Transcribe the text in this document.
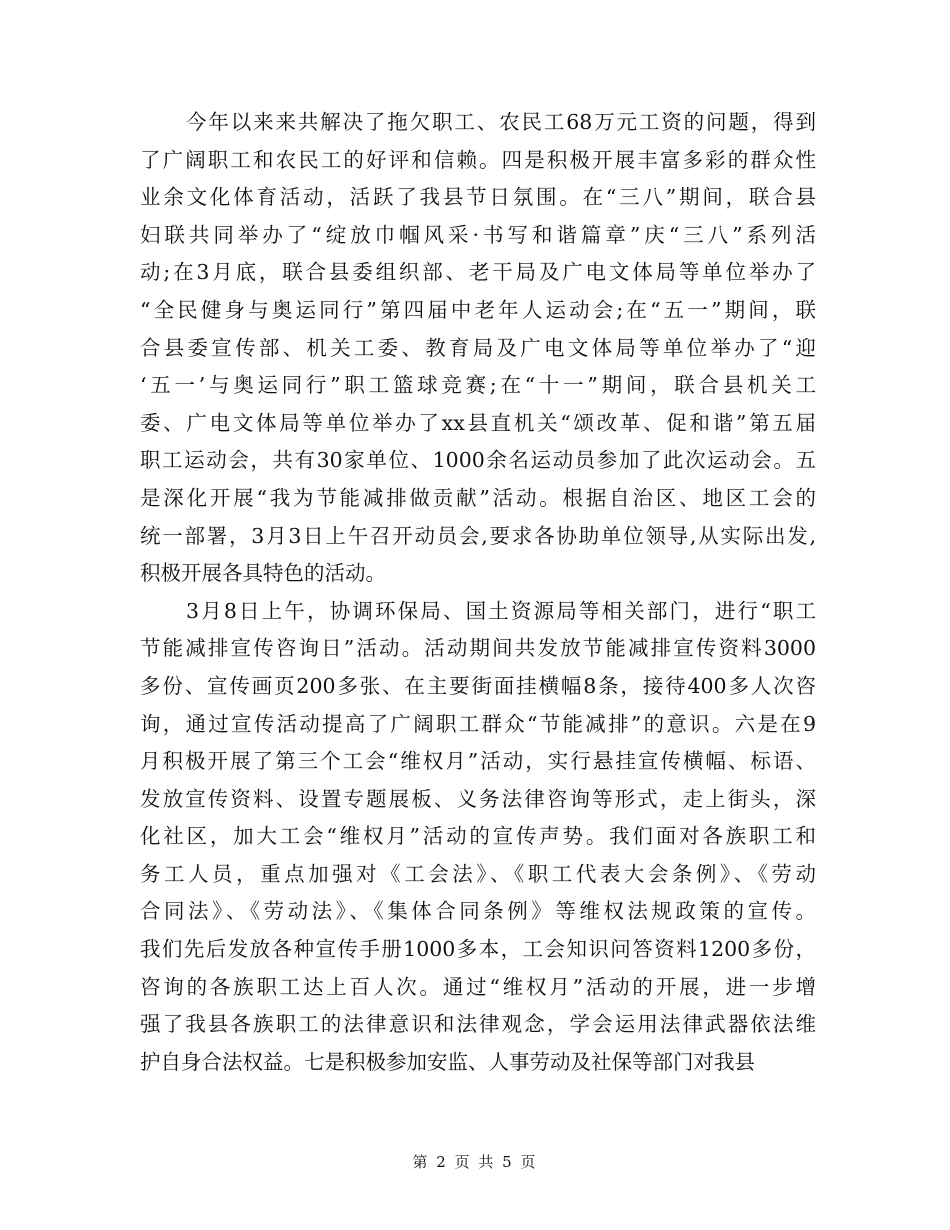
今年以来来共解决了拖欠职工、农民工68万元工资的问题，得到
了广阔职工和农民工的好评和信赖。四是积极开展丰富多彩的群众性
业余文化体育活动，活跃了我县节日氛围。在“三八”期间，联合县
妇联共同举办了“绽放巾帼风采·书写和谐篇章”庆“三八”系列活
动;在3月底，联合县委组织部、老干局及广电文体局等单位举办了
“全民健身与奥运同行”第四届中老年人运动会;在“五一”期间，联
合县委宣传部、机关工委、教育局及广电文体局等单位举办了“迎
‘五一’与奥运同行”职工篮球竞赛;在“十一”期间，联合县机关工
委、广电文体局等单位举办了xx县直机关“颂改革、促和谐”第五届
职工运动会，共有30家单位、1000余名运动员参加了此次运动会。五
是深化开展“我为节能减排做贡献”活动。根据自治区、地区工会的
统一部署，3月3日上午召开动员会,要求各协助单位领导,从实际出发,
积极开展各具特色的活动。
3月8日上午，协调环保局、国土资源局等相关部门，进行“职工
节能减排宣传咨询日”活动。活动期间共发放节能减排宣传资料3000
多份、宣传画页200多张、在主要街面挂横幅8条，接待400多人次咨
询，通过宣传活动提高了广阔职工群众“节能减排”的意识。六是在9
月积极开展了第三个工会“维权月”活动，实行悬挂宣传横幅、标语、
发放宣传资料、设置专题展板、义务法律咨询等形式，走上街头，深
化社区，加大工会“维权月”活动的宣传声势。我们面对各族职工和
务工人员，重点加强对《工会法》、《职工代表大会条例》、《劳动
合同法》、《劳动法》、《集体合同条例》等维权法规政策的宣传。
我们先后发放各种宣传手册1000多本，工会知识问答资料1200多份，
咨询的各族职工达上百人次。通过“维权月”活动的开展，进一步增
强了我县各族职工的法律意识和法律观念，学会运用法律武器依法维
护自身合法权益。七是积极参加安监、人事劳动及社保等部门对我县
第 2 页 共 5 页
